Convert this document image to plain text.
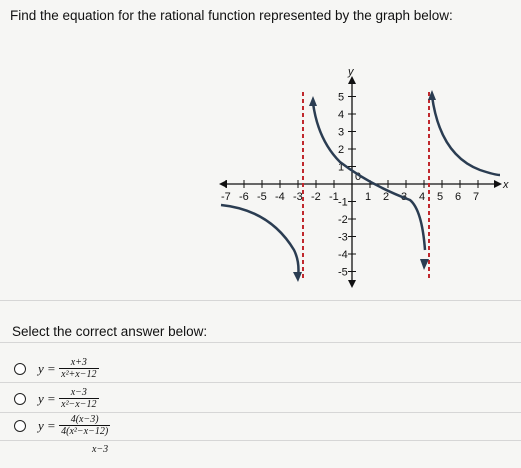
Find the equation for the rational function represented by the graph below:
x
y
-7 -6 -5 -4 -3 -2 -1
0
1 2 3 4 5 6 7
5
4
3
2
1
-1
-2
-3
-4
-5
Select the correct answer below:
$y = \frac{x+3}{\text{x²+x−12}}$
$y = \frac{x-3}{\text{x²−x−12}}$
$y = \frac{4(x-3)}{\text{4(x²−x−12)}}$
x−3
